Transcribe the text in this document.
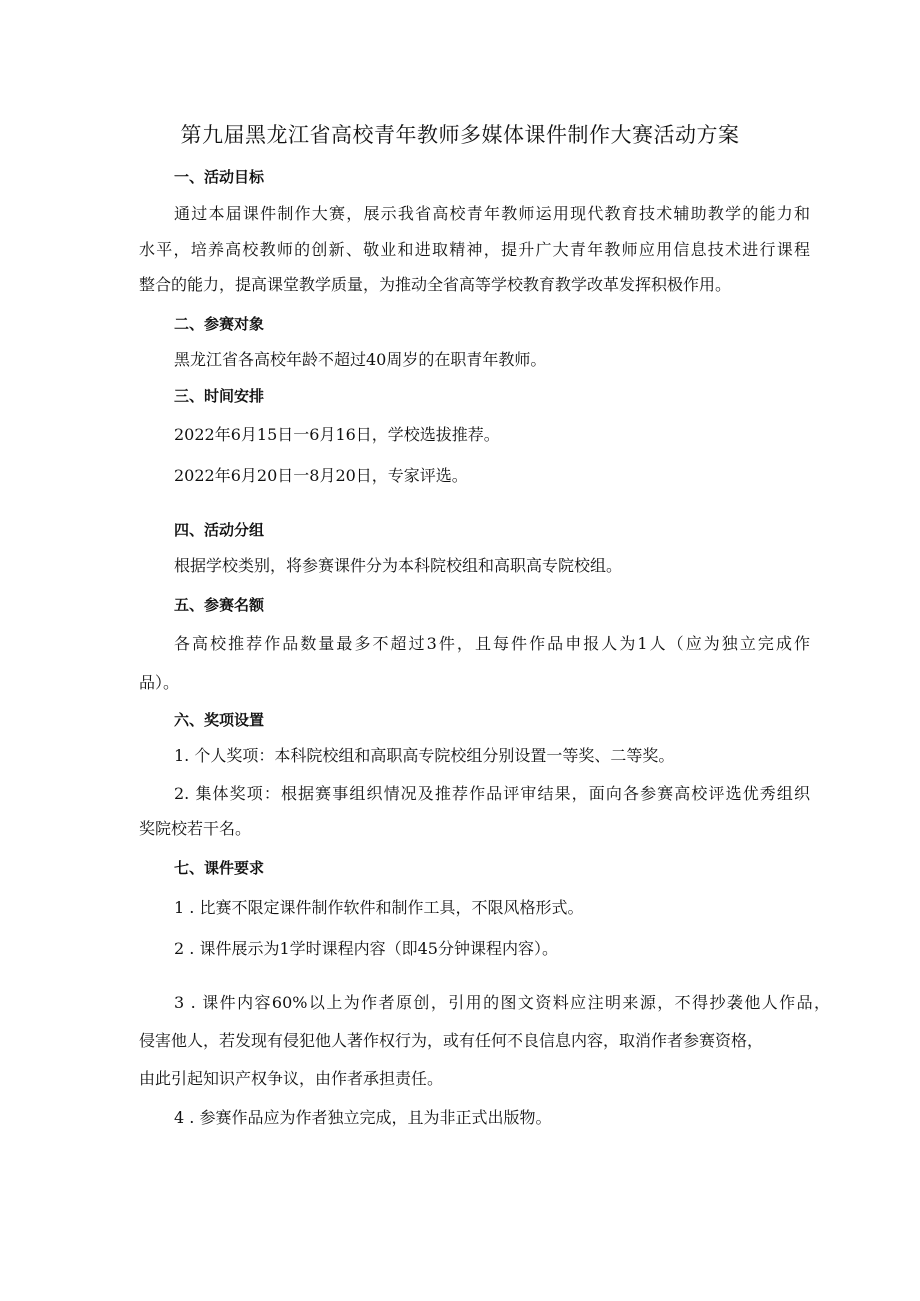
第九届黑龙江省高校青年教师多媒体课件制作大赛活动方案
一、活动目标
通过本届课件制作大赛，展示我省高校青年教师运用现代教育技术辅助教学的能力和
水平，培养高校教师的创新、敬业和进取精神，提升广大青年教师应用信息技术进行课程
整合的能力，提高课堂教学质量，为推动全省高等学校教育教学改革发挥积极作用。
二、参赛对象
黑龙江省各高校年龄不超过40周岁的在职青年教师。
三、时间安排
2022年6月15日一6月16日，学校选拔推荐。
2022年6月20日一8月20日，专家评选。
四、活动分组
根据学校类别，将参赛课件分为本科院校组和高职高专院校组。
五、参赛名额
各高校推荐作品数量最多不超过3件，且每件作品申报人为1人（应为独立完成作
品）。
六、奖项设置
1. 个人奖项：本科院校组和高职高专院校组分别设置一等奖、二等奖。
2. 集体奖项：根据赛事组织情况及推荐作品评审结果，面向各参赛高校评选优秀组织
奖院校若干名。
七、课件要求
1 . 比赛不限定课件制作软件和制作工具，不限风格形式。
2 . 课件展示为1学时课程内容（即45分钟课程内容）。
3 . 课件内容60%以上为作者原创，引用的图文资料应注明来源，不得抄袭他人作品，
侵害他人，若发现有侵犯他人著作权行为，或有任何不良信息内容，取消作者参赛资格，
由此引起知识产权争议，由作者承担责任。
4 . 参赛作品应为作者独立完成，且为非正式出版物。
